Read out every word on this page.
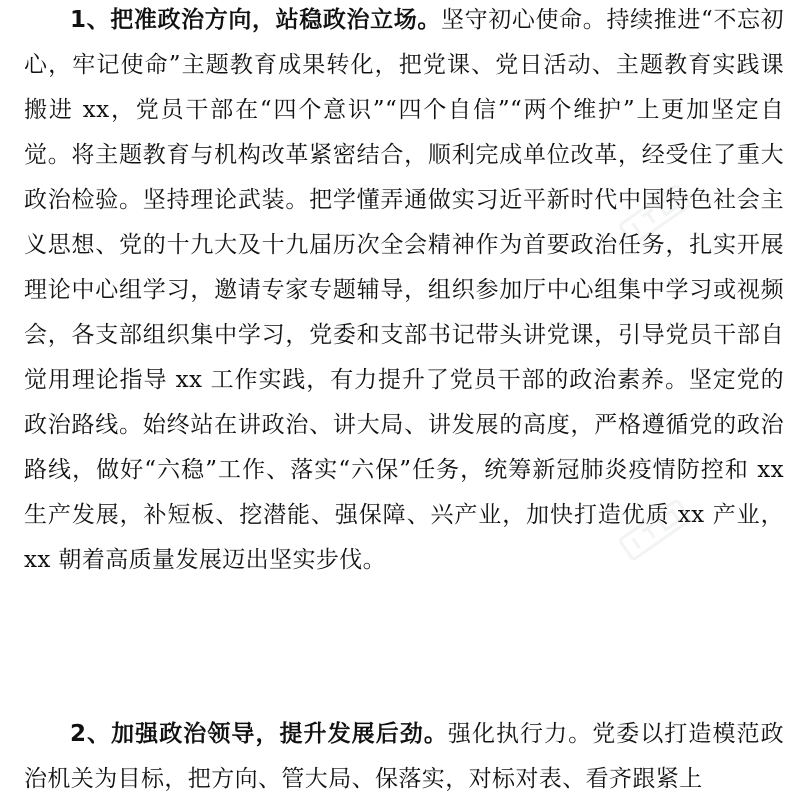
1、把准政治方向，站稳政治立场。坚守初心使命。持续推进“不忘初心，牢记使命”主题教育成果转化，把党课、党日活动、主题教育实践课搬进 xx，党员干部在“四个意识”“四个自信”“两个维护”上更加坚定自觉。将主题教育与机构改革紧密结合，顺利完成单位改革，经受住了重大政治检验。坚持理论武装。把学懂弄通做实习近平新时代中国特色社会主义思想、党的十九大及十九届历次全会精神作为首要政治任务，扎实开展理论中心组学习，邀请专家专题辅导，组织参加厅中心组集中学习或视频会，各支部组织集中学习，党委和支部书记带头讲党课，引导党员干部自觉用理论指导 xx 工作实践，有力提升了党员干部的政治素养。坚定党的政治路线。始终站在讲政治、讲大局、讲发展的高度，严格遵循党的政治路线，做好“六稳”工作、落实“六保”任务，统筹新冠肺炎疫情防控和 xx 生产发展，补短板、挖潜能、强保障、兴产业，加快打造优质 xx 产业，xx 朝着高质量发展迈出坚实步伐。

2、加强政治领导，提升发展后劲。强化执行力。党委以打造模范政治机关为目标，把方向、管大局、保落实，对标对表、看齐跟紧上
